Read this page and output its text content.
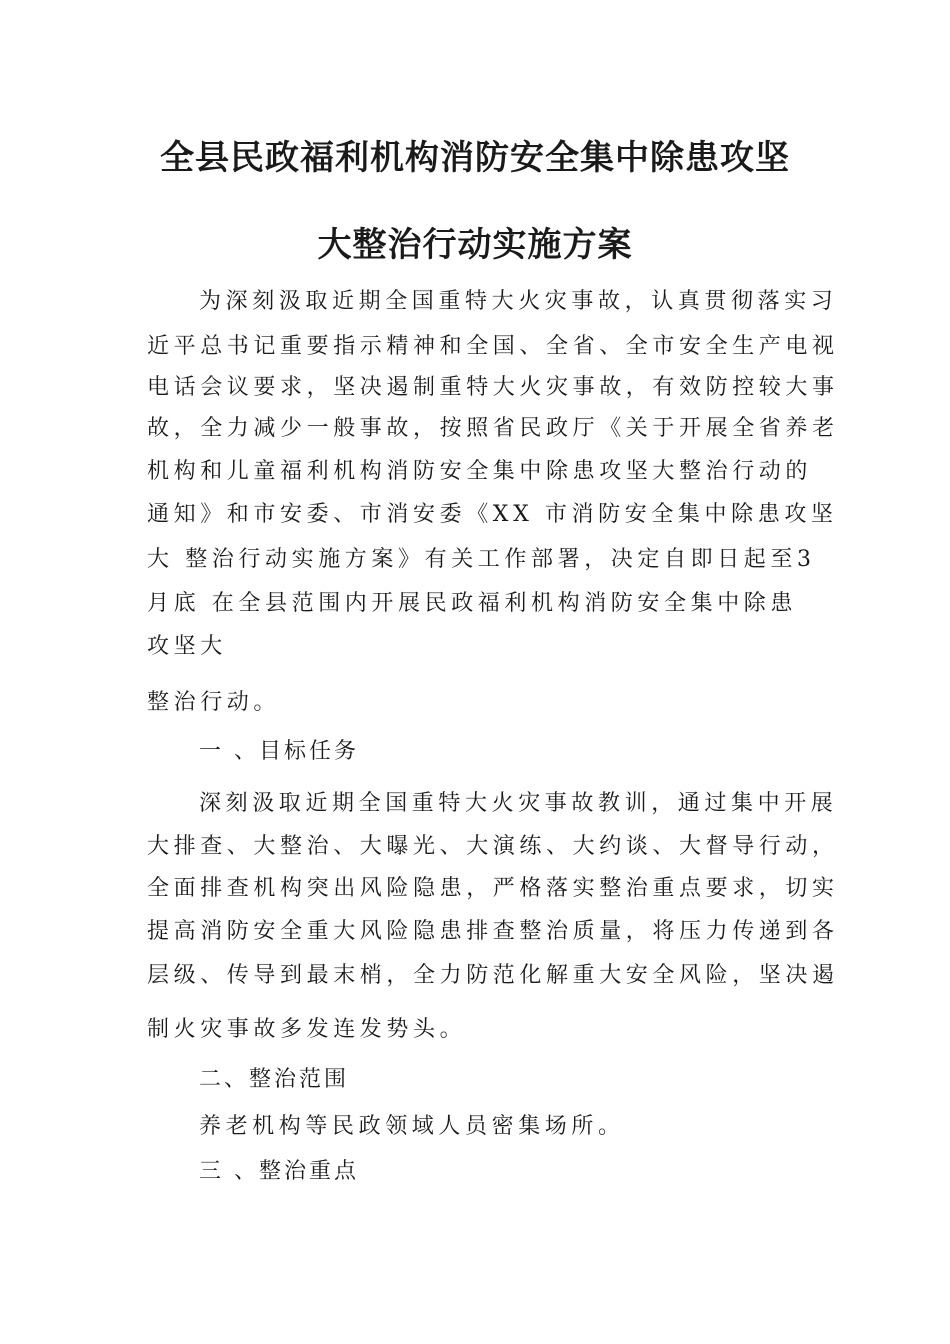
全县民政福利机构消防安全集中除患攻坚
大整治行动实施方案

为深刻汲取近期全国重特大火灾事故，认真贯彻落实习

近平总书记重要指示精神和全国、全省、全市安全生产电视

电话会议要求，坚决遏制重特大火灾事故，有效防控较大事

故，全力减少一般事故，按照省民政厅《关于开展全省养老

机构和儿童福利机构消防安全集中除患攻坚大整治行动的

通知》和市安委、市消安委《XX 市消防安全集中除患攻坚

大 整治行动实施方案》有关工作部署，决定自即日起至3

月底 在全县范围内开展民政福利机构消防安全集中除患

攻坚大

整治行动。

一 、目标任务

深刻汲取近期全国重特大火灾事故教训，通过集中开展

大排查、大整治、大曝光、大演练、大约谈、大督导行动，

全面排查机构突出风险隐患，严格落实整治重点要求，切实

提高消防安全重大风险隐患排查整治质量，将压力传递到各

层级、传导到最末梢，全力防范化解重大安全风险，坚决遏

制火灾事故多发连发势头。

二、整治范围

养老机构等民政领域人员密集场所。

三 、整治重点
